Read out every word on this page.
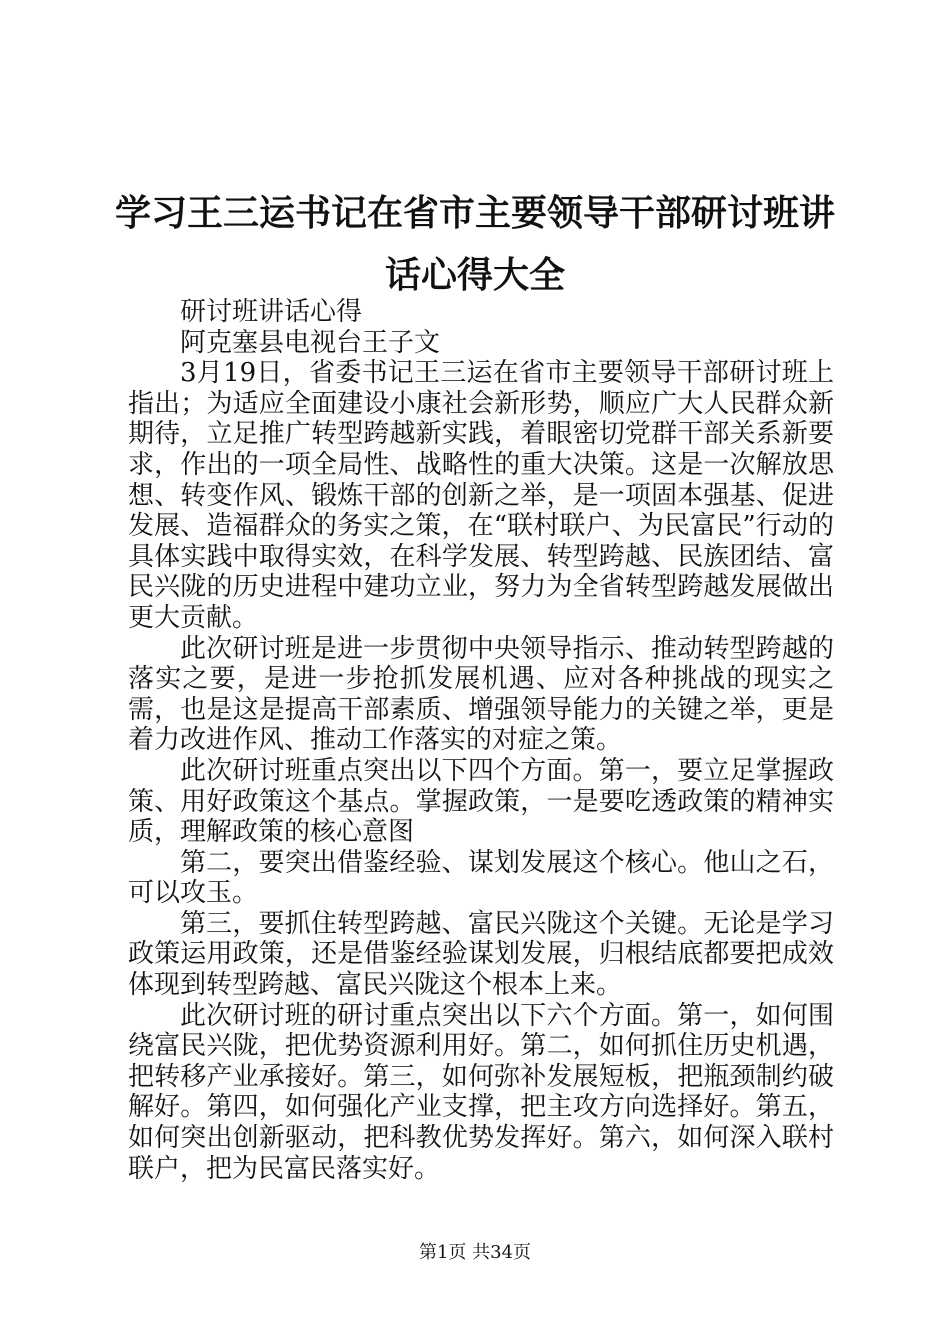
学习王三运书记在省市主要领导干部研讨班讲话心得大全

研讨班讲话心得

阿克塞县电视台王子文

3月19日，省委书记王三运在省市主要领导干部研讨班上指出；为适应全面建设小康社会新形势，顺应广大人民群众新期待，立足推广转型跨越新实践，着眼密切党群干部关系新要求，作出的一项全局性、战略性的重大决策。这是一次解放思想、转变作风、锻炼干部的创新之举，是一项固本强基、促进发展、造福群众的务实之策，在“联村联户、为民富民”行动的具体实践中取得实效，在科学发展、转型跨越、民族团结、富民兴陇的历史进程中建功立业，努力为全省转型跨越发展做出更大贡献。

此次研讨班是进一步贯彻中央领导指示、推动转型跨越的落实之要，是进一步抢抓发展机遇、应对各种挑战的现实之需，也是这是提高干部素质、增强领导能力的关键之举，更是着力改进作风、推动工作落实的对症之策。

此次研讨班重点突出以下四个方面。第一，要立足掌握政策、用好政策这个基点。掌握政策，一是要吃透政策的精神实质，理解政策的核心意图

第二，要突出借鉴经验、谋划发展这个核心。他山之石，可以攻玉。

第三，要抓住转型跨越、富民兴陇这个关键。无论是学习政策运用政策，还是借鉴经验谋划发展，归根结底都要把成效体现到转型跨越、富民兴陇这个根本上来。

此次研讨班的研讨重点突出以下六个方面。第一，如何围绕富民兴陇，把优势资源利用好。第二，如何抓住历史机遇，把转移产业承接好。第三，如何弥补发展短板，把瓶颈制约破解好。第四，如何强化产业支撑，把主攻方向选择好。第五，如何突出创新驱动，把科教优势发挥好。第六，如何深入联村联户，把为民富民落实好。

第1页 共34页
